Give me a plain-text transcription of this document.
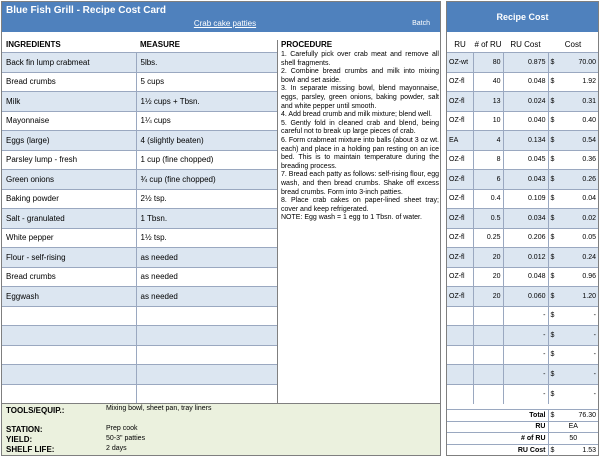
Blue Fish Grill - Recipe Cost Card
Crab cake patties	Batch
INGREDIENTS	MEASURE
Back fin lump crabmeat	5lbs.
Bread crumbs	5 cups
Milk	1½ cups + Tbsn.
Mayonnaise	1¼ cups
Eggs (large)	4 (slightly beaten)
Parsley lump - fresh	1 cup (fine chopped)
Green onions	¾ cup (fine chopped)
Baking powder	2½ tsp.
Salt - granulated	1 Tbsn.
White pepper	1½ tsp.
Flour - self-rising	as needed
Bread crumbs	as needed
Eggwash	as needed

PROCEDURE
1. Carefully pick over crab meat and remove all shell fragments.
2. Combine bread crumbs and milk into mixing bowl and set aside.
3. In separate missing bowl, blend mayonnaise, eggs, parsley, green onions, baking powder, salt and white pepper until smooth.
4. Add bread crumb and milk mixture; blend well.
5. Gently fold in cleaned crab and blend, being careful not to break up large pieces of crab.
6. Form crabmeat mixture into balls (about 3 oz wt. each) and place in a holding pan resting on an ice bed. This is to maintain temperature during the breading process.
7. Bread each patty as follows: self-rising flour, egg wash, and then bread crumbs. Shake off excess bread crumbs. Form into 3-inch patties.
8. Place crab cakes on paper-lined sheet tray; cover and keep refrigerated.
NOTE: Egg wash = 1 egg to 1 Tbsn. of water.
TOOLS/EQUIP.:	Mixing bowl, sheet pan, tray liners
STATION:	Prep cook
YIELD:	50-3" patties
SHELF LIFE:	2 days
Recipe Cost
RU	# of RU	RU Cost	Cost
OZ-wt	80	0.875	$ 70.00

OZ-fl	40	0.048	$ 1.92

OZ-fl	13	0.024	$ 0.31

OZ-fl	10	0.040	$ 0.40

EA	4	0.134	$ 0.54

OZ-fl	8	0.045	$ 0.36

OZ-fl	6	0.043	$ 0.26

OZ-fl	0.4	0.109	$ 0.04

OZ-fl	0.5	0.034	$ 0.02

OZ-fl	0.25	0.206	$ 0.05

OZ-fl	20	0.012	$ 0.24

OZ-fl	20	0.048	$ 0.96

OZ-fl	20	0.060	$ 1.20

		-	$ -

		-	$ -

		-	$ -

		-	$ -

		-	$ -
Total	$ 76.30

RU	EA

# of RU	50

RU Cost	$ 1.53
